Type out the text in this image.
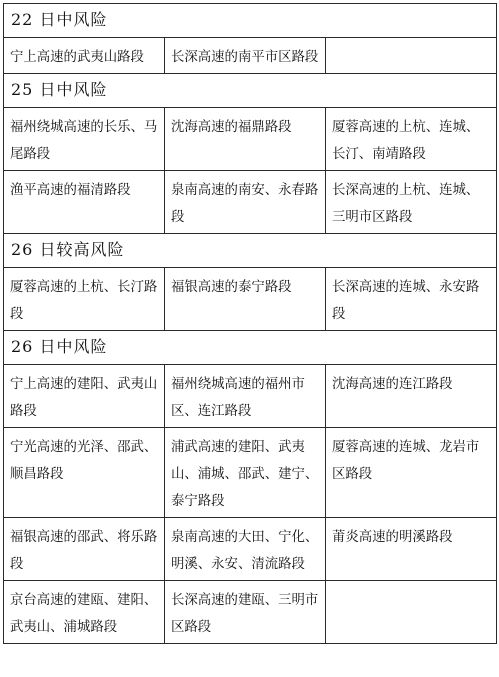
22 日中风险		
宁上高速的武夷山路段	长深高速的南平市区路段	
25 日中风险		
福州绕城高速的长乐、马尾路段	沈海高速的福鼎路段	厦蓉高速的上杭、连城、长汀、南靖路段
渔平高速的福清路段	泉南高速的南安、永春路段	长深高速的上杭、连城、三明市区路段
26 日较高风险		
厦蓉高速的上杭、长汀路段	福银高速的泰宁路段	长深高速的连城、永安路段
26 日中风险		
宁上高速的建阳、武夷山路段	福州绕城高速的福州市区、连江路段	沈海高速的连江路段
宁光高速的光泽、邵武、顺昌路段	浦武高速的建阳、武夷山、浦城、邵武、建宁、泰宁路段	厦蓉高速的连城、龙岩市区路段
福银高速的邵武、将乐路段	泉南高速的大田、宁化、明溪、永安、清流路段	莆炎高速的明溪路段
京台高速的建瓯、建阳、武夷山、浦城路段	长深高速的建瓯、三明市区路段	
